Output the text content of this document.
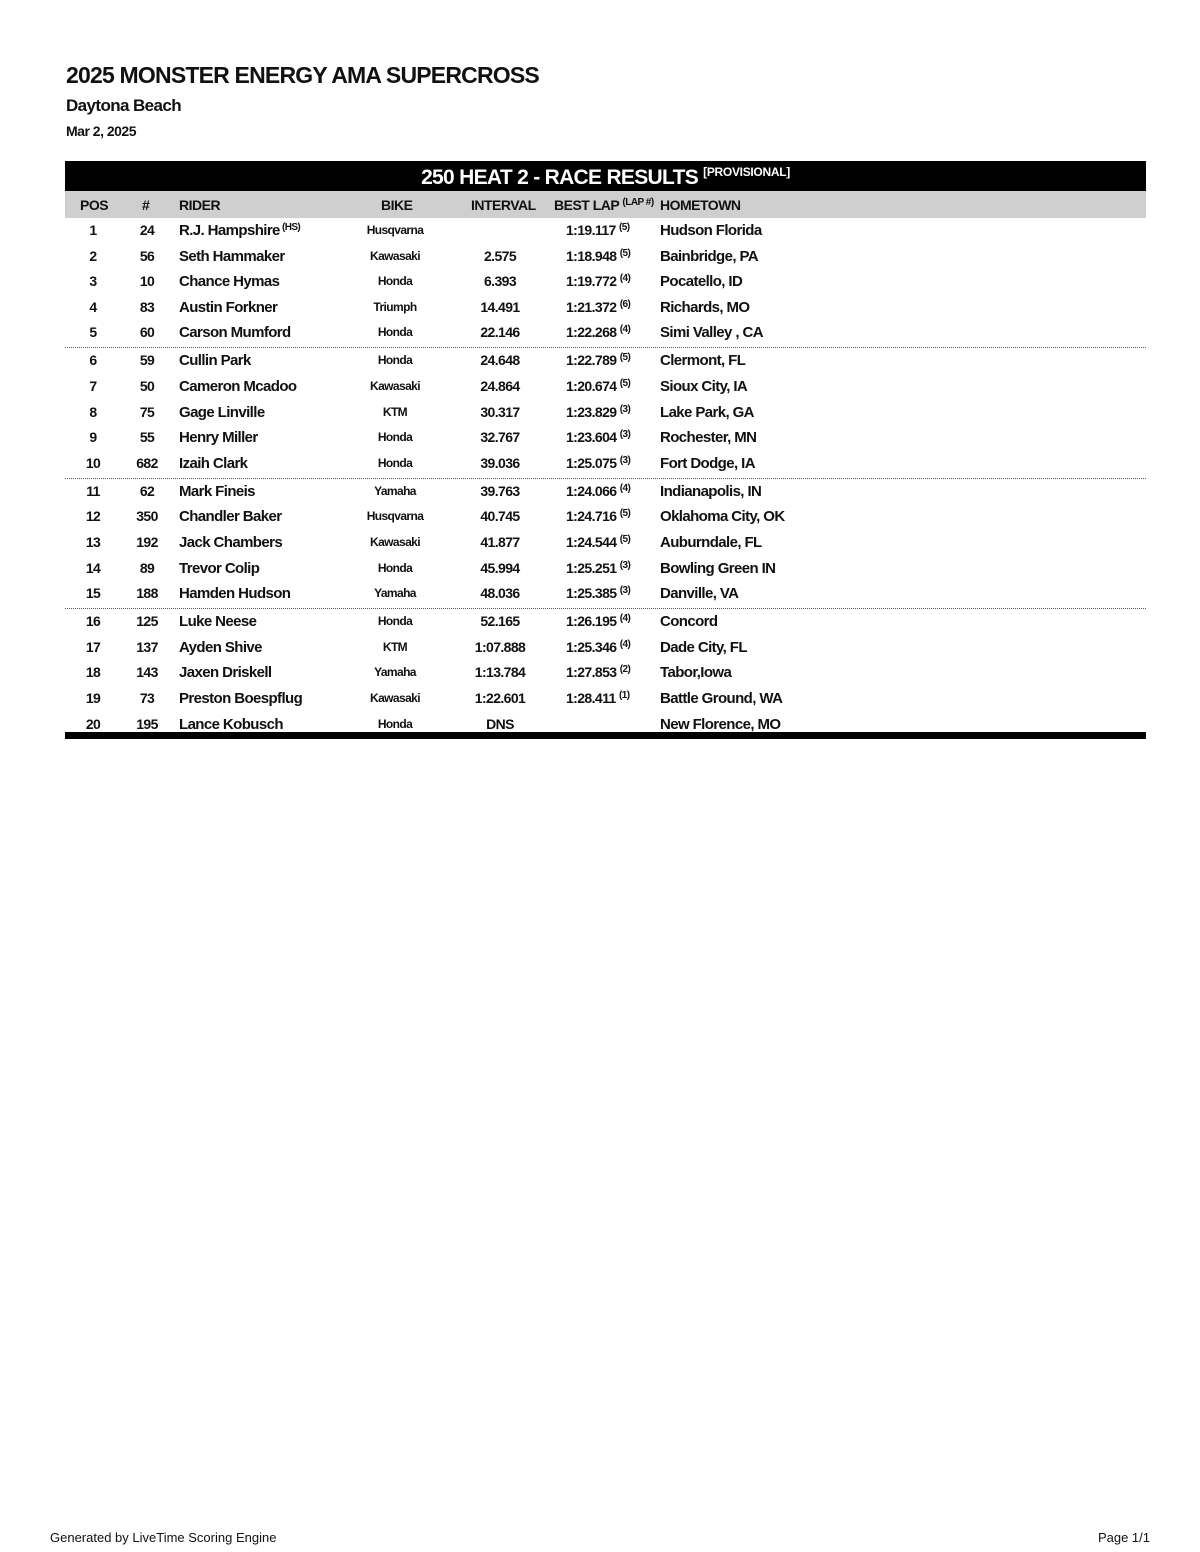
2025 MONSTER ENERGY AMA SUPERCROSS
Daytona Beach
Mar 2, 2025
250 HEAT 2 - RACE RESULTS [PROVISIONAL]
POS # RIDER	BIKE	INTERVAL BEST LAP $^{(LAP \#)}$ HOMETOWN
1	24	R.J. Hampshire $^{(HS)}$	Husqvarna	1:19.117 $^{(5)}$ Hudson Florida
2	56	Seth Hammaker	Kawasaki	2.575	1:18.948 $^{(5)}$ Bainbridge, PA
3	10	Chance Hymas	Honda	6.393	1:19.772 $^{(4)}$ Pocatello, ID
4	83	Austin Forkner	Triumph	14.491	1:21.372 $^{(6)}$ Richards, MO
5	60	Carson Mumford	Honda	22.146	1:22.268 $^{(4)}$ Simi Valley , CA
6	59	Cullin Park	Honda	24.648	1:22.789 $^{(5)}$ Clermont, FL
7	50	Cameron Mcadoo	Kawasaki	24.864	1:20.674 $^{(5)}$ Sioux City, IA
8	75	Gage Linville	KTM	30.317	1:23.829 $^{(3)}$ Lake Park, GA
9	55	Henry Miller	Honda	32.767	1:23.604 $^{(3)}$ Rochester, MN
10	682	Izaih Clark	Honda	39.036	1:25.075 $^{(3)}$ Fort Dodge, IA
11	62	Mark Fineis	Yamaha	39.763	1:24.066 $^{(4)}$ Indianapolis, IN
12	350	Chandler Baker	Husqvarna	40.745	1:24.716 $^{(5)}$ Oklahoma City, OK
13	192	Jack Chambers	Kawasaki	41.877	1:24.544 $^{(5)}$ Auburndale, FL
14	89	Trevor Colip	Honda	45.994	1:25.251 $^{(3)}$ Bowling Green IN
15	188	Hamden Hudson	Yamaha	48.036	1:25.385 $^{(3)}$ Danville, VA
16	125	Luke Neese	Honda	52.165	1:26.195 $^{(4)}$ Concord
17	137	Ayden Shive	KTM	1:07.888	1:25.346 $^{(4)}$ Dade City, FL
18	143	Jaxen Driskell	Yamaha	1:13.784	1:27.853 $^{(2)}$ Tabor,Iowa
19	73	Preston Boespflug	Kawasaki	1:22.601	1:28.411 $^{(1)}$ Battle Ground, WA
20	195	Lance Kobusch	Honda	DNS	New Florence, MO
Generated by LiveTime Scoring Engine	Page 1/1
